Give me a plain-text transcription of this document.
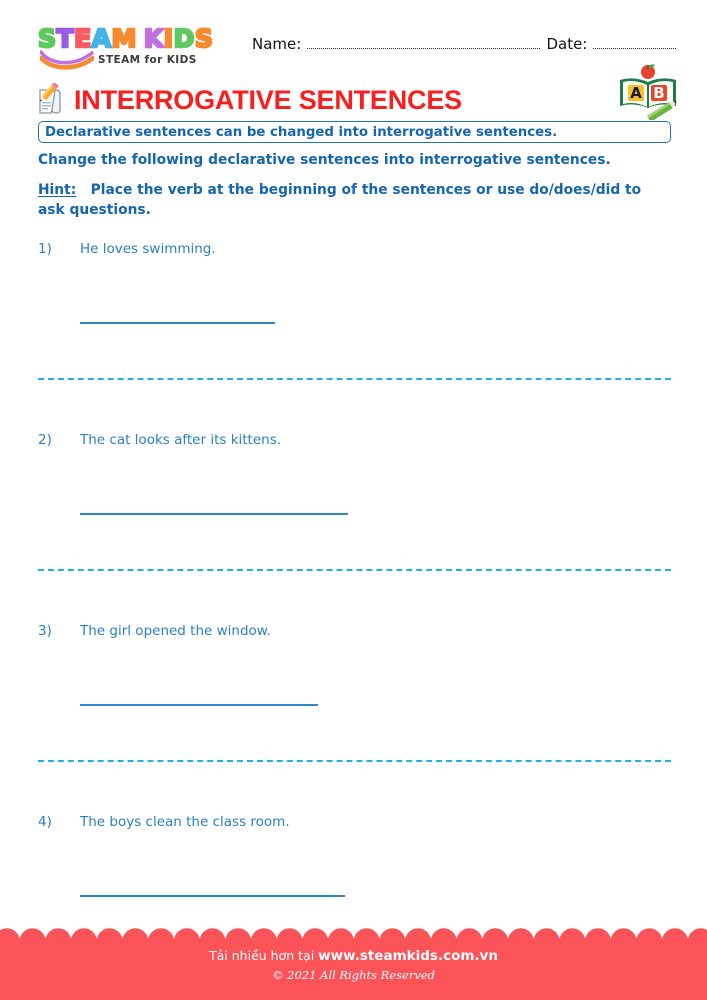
STEAM KIDS
STEAM for KIDS
Name:	Date:
INTERROGATIVE SENTENCES	A B
Declarative sentences can be changed into interrogative sentences.
Change the following declarative sentences into interrogative sentences.
Hint: Place the verb at the beginning of the sentences or use do/does/did to ask questions.
1)	He loves swimming.
2)	The cat looks after its kittens.
3)	The girl opened the window.
4)	The boys clean the class room.
Tải nhiều hơn tại www.steamkids.com.vn
© 2021 All Rights Reserved
